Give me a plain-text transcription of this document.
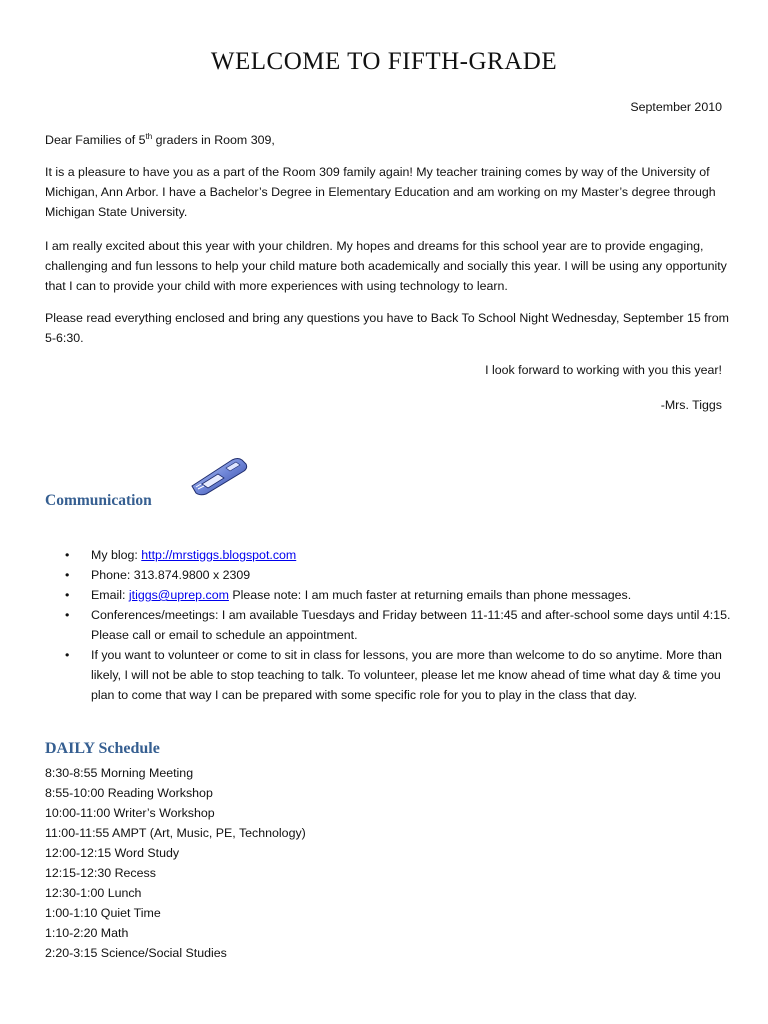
WELCOME TO FIFTH-GRADE
September 2010
Dear Families of 5th graders in Room 309,
It is a pleasure to have you as a part of the Room 309 family again! My teacher training comes by way of the University of Michigan, Ann Arbor. I have a Bachelor’s Degree in Elementary Education and am working on my Master’s degree through Michigan State University.
I am really excited about this year with your children. My hopes and dreams for this school year are to provide engaging, challenging and fun lessons to help your child mature both academically and socially this year. I will be using any opportunity that I can to provide your child with more experiences with using technology to learn.
Please read everything enclosed and bring any questions you have to Back To School Night Wednesday, September 15 from 5-6:30.
I look forward to working with you this year!
-Mrs. Tiggs
Communication
• My blog: http://mrstiggs.blogspot.com
• Phone: 313.874.9800 x 2309
• Email: jtiggs@uprep.com Please note: I am much faster at returning emails than phone messages.
• Conferences/meetings: I am available Tuesdays and Friday between 11-11:45 and after-school some days until 4:15. Please call or email to schedule an appointment.
• If you want to volunteer or come to sit in class for lessons, you are more than welcome to do so anytime. More than likely, I will not be able to stop teaching to talk. To volunteer, please let me know ahead of time what day & time you plan to come that way I can be prepared with some specific role for you to play in the class that day.
DAILY Schedule
8:30-8:55 Morning Meeting
8:55-10:00 Reading Workshop
10:00-11:00 Writer’s Workshop
11:00-11:55 AMPT (Art, Music, PE, Technology)
12:00-12:15 Word Study
12:15-12:30 Recess
12:30-1:00 Lunch
1:00-1:10 Quiet Time
1:10-2:20 Math
2:20-3:15 Science/Social Studies
